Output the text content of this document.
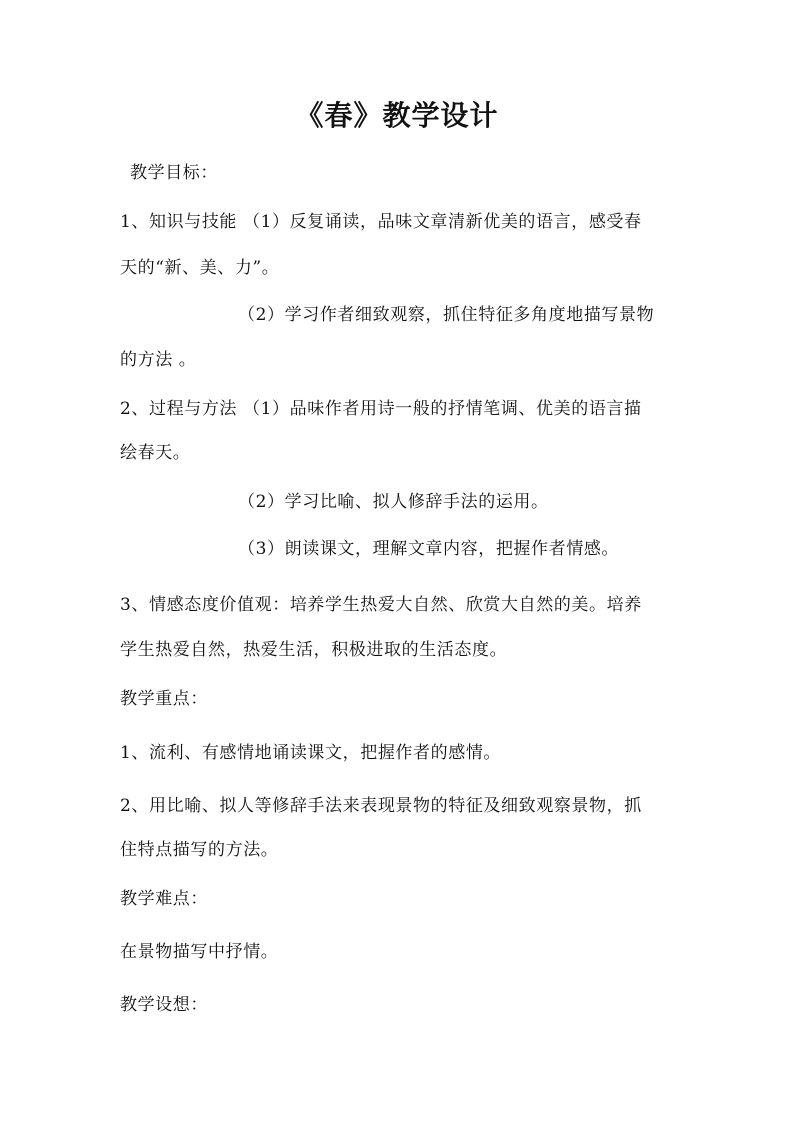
《春》教学设计
教学目标：
1、知识与技能 （1）反复诵读，品味文章清新优美的语言，感受春
天的“新、美、力”。
（2）学习作者细致观察，抓住特征多角度地描写景物
的方法 。
2、过程与方法 （1）品味作者用诗一般的抒情笔调、优美的语言描
绘春天。
（2）学习比喻、拟人修辞手法的运用。
（3）朗读课文，理解文章内容，把握作者情感。
3、情感态度价值观：培养学生热爱大自然、欣赏大自然的美。培养
学生热爱自然，热爱生活，积极进取的生活态度。
教学重点：
1、流利、有感情地诵读课文，把握作者的感情。
2、用比喻、拟人等修辞手法来表现景物的特征及细致观察景物，抓
住特点描写的方法。
教学难点：
在景物描写中抒情。
教学设想：
